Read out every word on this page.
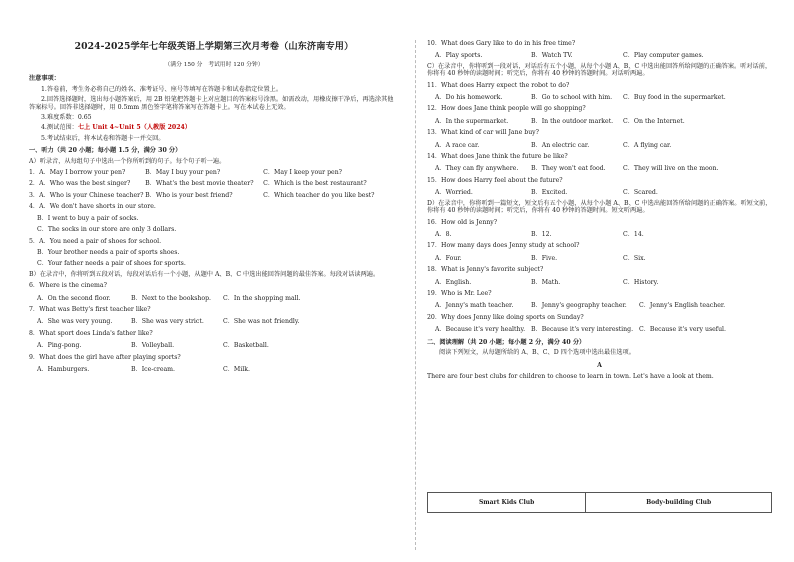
2024-2025学年七年级英语上学期第三次月考卷（山东济南专用）
（满分 150 分　考试用时 120 分钟）
注意事项：
1.答卷前，考生务必将自己的姓名、准考证号、座号等填写在答题卡和试卷指定位置上。
2.回答选择题时，选出每小题答案后，用 2B 铅笔把答题卡上对应题目的答案标号涂黑。如需改动，用橡皮擦干净后，再选涂其他答案标号。回答非选择题时，用 0.5mm 黑色签字笔将答案写在答题卡上。写在本试卷上无效。
3.难度系数：0.65
4.测试范围：七上 Unit 4~Unit 5（人教版 2024）
5.考试结束后，将本试卷和答题卡一并交回。
一、听力（共 20 小题；每小题 1.5 分，满分 30 分）
A）听录音，从每组句子中选出一个你所听到的句子。每个句子听一遍。
1．A．May I borrow your pen?	B．May I buy your pen?	C．May I keep your pen?
2．A．Who was the best singer? B．What's the best movie theater? C．Which is the best restaurant?
3．A．Who is your Chinese teacher? B．Who is your best friend?	C．Which teacher do you like best?
4．A．We don't have shorts in our store.
B．I went to buy a pair of socks.
C．The socks in our store are only 3 dollars.
5．A．You need a pair of shoes for school.
B．Your brother needs a pair of sports shoes.
C．Your father needs a pair of shoes for sports.
B）在录音中，你将听到五段对话，每段对话后有一个小题，从题中 A、B、C 中选出能回答问题的最佳答案。每段对话读两遍。
6．Where is the cinema?
A．On the second floor.	B．Next to the bookshop.	C．In the shopping mall.
7．What was Betty's first teacher like?
A．She was very young.	B．She was very strict.	C．She was not friendly.
8．What sport does Linda's father like?
A．Ping-pong.	B．Volleyball.	C．Basketball.
9．What does the girl have after playing sports?
A．Hamburgers.	B．Ice-cream.	C．Milk.
10．What does Gary like to do in his free time?
A．Play sports.	B．Watch TV.	C．Play computer games.
C）在录音中，你将听到一段对话，对话后有五个小题，从每个小题 A、B、C 中选出能回答所给问题的正确答案。听对话前，你将有 40 秒钟的读题时间；听完后，你将有 40 秒钟的答题时间。对话听两遍。
11．What does Harry expect the robot to do?
A．Do his homework.	B．Go to school with him.	C．Buy food in the supermarket.
12．How does Jane think people will go shopping?
A．In the supermarket.	B．In the outdoor market.	C．On the Internet.
13．What kind of car will Jane buy?
A．A race car.	B．An electric car.	C．A flying car.
14．What does Jane think the future be like?
A．They can fly anywhere.	B．They won't eat food.	C．They will live on the moon.
15．How does Harry feel about the future?
A．Worried.	B．Excited.	C．Scared.
D）在录音中，你将听到一篇短文，短文后有五个小题，从每个小题 A、B、C 中选出能回答所给问题的正确答案。听短文前，你将有 40 秒钟的读题时间；听完后，你将有 40 秒钟的答题时间。短文听两遍。
16．How old is Jenny?
A．8.	B．12.	C．14.
17．How many days does Jenny study at school?
A．Four.	B．Five.	C．Six.
18．What is Jenny's favorite subject?
A．English.	B．Math.	C．History.
19．Who is Mr. Lee?
A．Jenny's math teacher.	B．Jenny's geography teacher.	C．Jenny's English teacher.
20．Why does Jenny like doing sports on Sunday?
A．Because it's very healthy. B．Because it's very interesting. C．Because it's very useful.
二、阅读理解（共 20 小题；每小题 2 分，满分 40 分）
阅读下列短文，从每题所给的 A、B、C、D 四个选项中选出最佳选项。
A
There are four best clubs for children to choose to learn in town. Let's have a look at them.
Smart Kids Club	Body-building Club
